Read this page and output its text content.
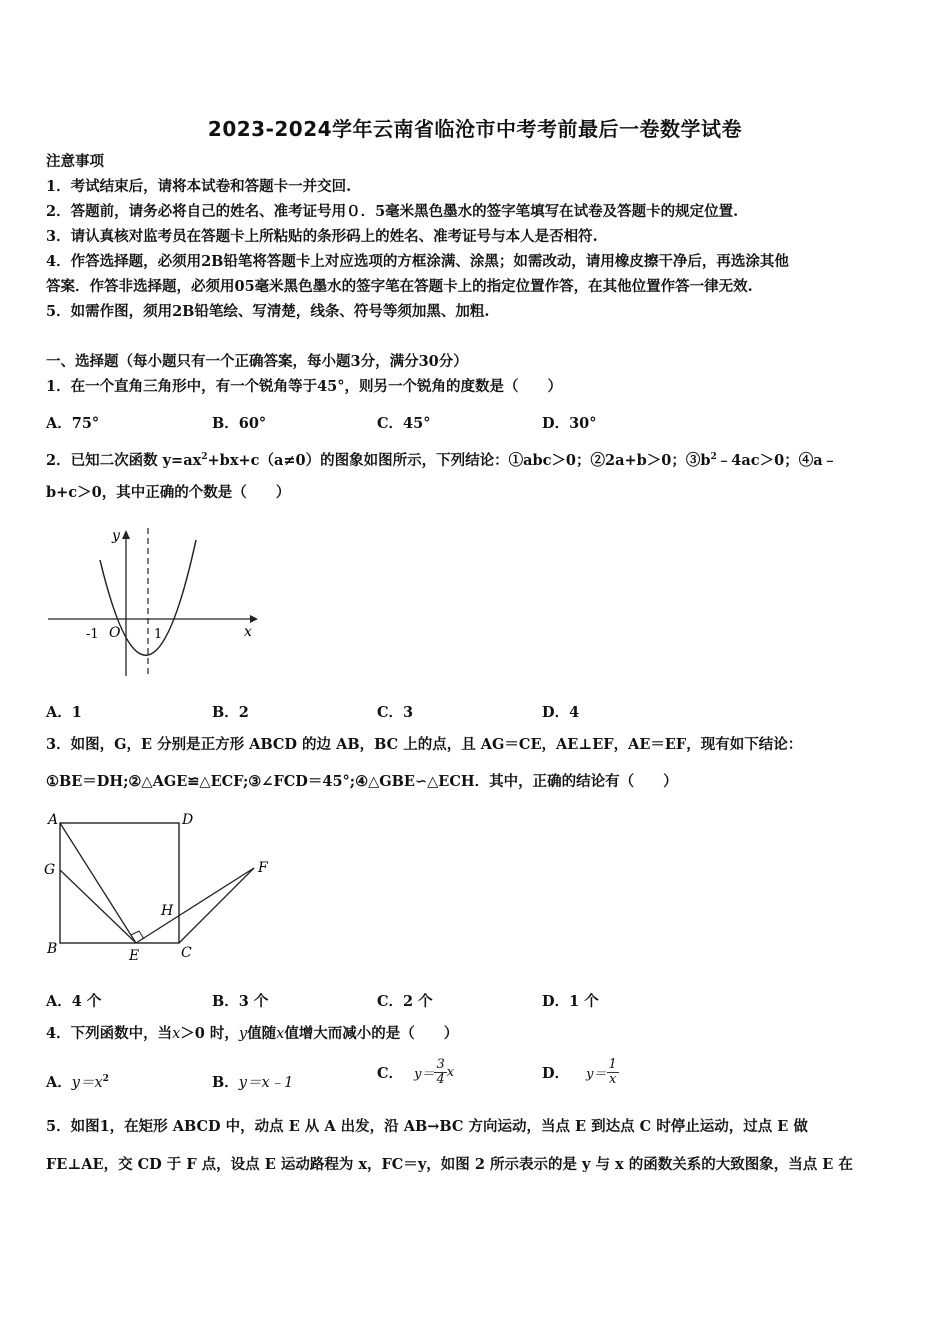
2023-2024学年云南省临沧市中考考前最后一卷数学试卷
注意事项
1．考试结束后，请将本试卷和答题卡一并交回.
2．答题前，请务必将自己的姓名、准考证号用０．5毫米黑色墨水的签字笔填写在试卷及答题卡的规定位置.
3．请认真核对监考员在答题卡上所粘贴的条形码上的姓名、准考证号与本人是否相符.
4．作答选择题，必须用2B铅笔将答题卡上对应选项的方框涂满、涂黑；如需改动，请用橡皮擦干净后，再选涂其他
答案．作答非选择题，必须用05毫米黑色墨水的签字笔在答题卡上的指定位置作答，在其他位置作答一律无效.
5．如需作图，须用2B铅笔绘、写清楚，线条、符号等须加黑、加粗.
一、选择题（每小题只有一个正确答案，每小题3分，满分30分）
1．在一个直角三角形中，有一个锐角等于45°，则另一个锐角的度数是（　　）
A．75°	B．60°	C．45°	D．30°
2．已知二次函数 $y=ax^2+bx+c(a\ne 0)$的图象如图所示，下列结论：①abc＞0；②2a+b＞0；$③b^2﹣4ac>0$；④a﹣
b+c＞0，其中正确的个数是（　　）
y
x
O
-1	1
A．1	B．2	C．3	D．4
3．如图，G，E 分别是正方形 ABCD 的边 AB，BC 上的点，且 AG＝CE，AE⊥EF，AE＝EF，现有如下结论：
①BE＝DH;②△AGE≌△ECF;③∠FCD＝45°;④△GBE∽△ECH．其中，正确的结论有（　　）
A	D
G	F
H
B	E	C
A．4 个	B．3 个	C．2 个	D．1 个
4．下列函数中，当x＞0 时，y值随x值增大而减小的是（　　）
A．$y=x^2$	B．y＝x﹣1
C． $y= \frac{3}{4}$ x	D． $y= \frac{1}{x}$
5．如图1，在矩形 ABCD 中，动点 E 从 A 出发，沿 AB→BC 方向运动，当点 E 到达点 C 时停止运动，过点 E 做
FE⊥AE，交 CD 于 F 点，设点 E 运动路程为 x，FC＝y，如图 2 所示表示的是 y 与 x 的函数关系的大致图象，当点 E 在
